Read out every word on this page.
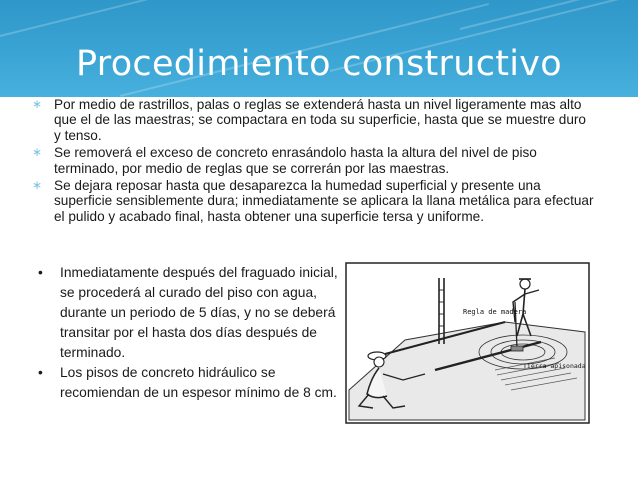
Procedimiento constructivo
∗ Por medio de rastrillos, palas o reglas se extenderá hasta un nivel ligeramente mas alto que el de las maestras; se compactara en toda su superficie, hasta que se muestre duro y tenso.
∗ Se removerá el exceso de concreto enrasándolo hasta la altura del nivel de piso terminado, por medio de reglas que se correrán por las maestras.
∗ Se dejara reposar hasta que desaparezca la humedad superficial y presente una superficie sensiblemente dura; inmediatamente se aplicara la llana metálica para efectuar el pulido y acabado final, hasta obtener una superficie tersa y uniforme.
• Inmediatamente después del fraguado inicial, se procederá al curado del piso con agua, durante un periodo de 5 días, y no se deberá transitar por el hasta dos días después de terminado.
• Los pisos de concreto hidráulico se recomiendan de un espesor mínimo de 8 cm.
Regla de madera
Tierra apisonada
